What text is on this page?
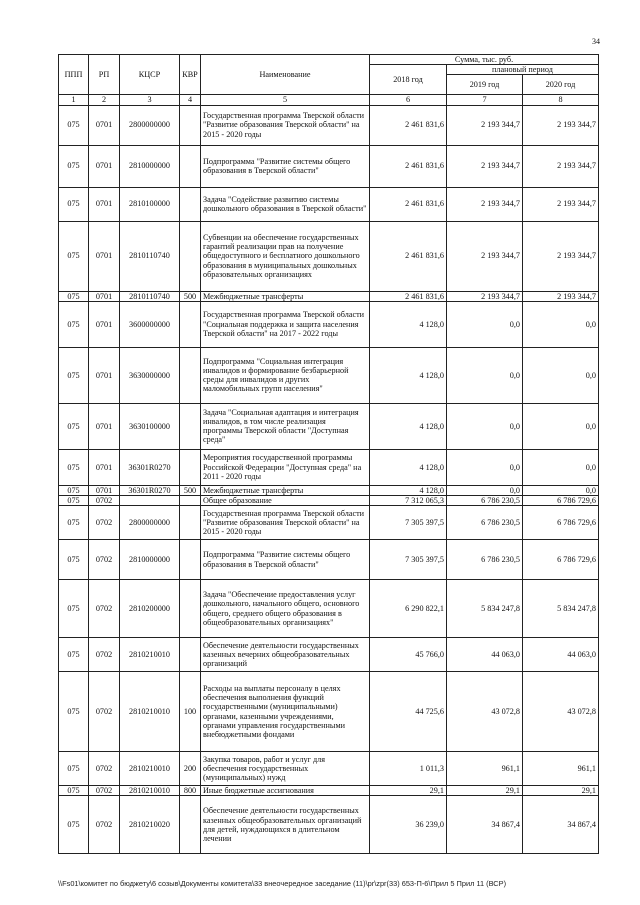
34
ППП	РП	КЦСР	КВР	Наименование	Сумма, тыс. руб.		
					2018 год	плановый период	
						2019 год	2020 год
1	2	3	4	5	6	7	8
075	0701	2800000000		Государственная программа Тверской области "Развитие образования Тверской области" на 2015 - 2020 годы	2 461 831,6	2 193 344,7	2 193 344,7
075	0701	2810000000		Подпрограмма "Развитие системы общего образования в Тверской области"	2 461 831,6	2 193 344,7	2 193 344,7
075	0701	2810100000		Задача "Содействие развитию системы дошкольного образования в Тверской области"	2 461 831,6	2 193 344,7	2 193 344,7
075	0701	2810110740		Субвенции на обеспечение государственных гарантий реализации прав на получение общедоступного и бесплатного дошкольного образования в муниципальных дошкольных образовательных организациях	2 461 831,6	2 193 344,7	2 193 344,7
075	0701	2810110740	500	Межбюджетные трансферты	2 461 831,6	2 193 344,7	2 193 344,7
075	0701	3600000000		Государственная программа Тверской области "Социальная поддержка и защита населения Тверской области" на 2017 - 2022 годы	4 128,0	0,0	0,0
075	0701	3630000000		Подпрограмма "Социальная интеграция инвалидов и формирование безбарьерной среды для инвалидов и других маломобильных групп населения"	4 128,0	0,0	0,0
075	0701	3630100000		Задача "Социальная адаптация и интеграция инвалидов, в том числе реализация программы Тверской области "Доступная среда"	4 128,0	0,0	0,0
075	0701	36301R0270		Мероприятия государственной программы Российской Федерации "Доступная среда" на 2011 - 2020 годы	4 128,0	0,0	0,0
075	0701	36301R0270	500	Межбюджетные трансферты	4 128,0	0,0	0,0
075	0702			Общее образование	7 312 065,3	6 786 230,5	6 786 729,6
075	0702	2800000000		Государственная программа Тверской области "Развитие образования Тверской области" на 2015 - 2020 годы	7 305 397,5	6 786 230,5	6 786 729,6
075	0702	2810000000		Подпрограмма "Развитие системы общего образования в Тверской области"	7 305 397,5	6 786 230,5	6 786 729,6
075	0702	2810200000		Задача "Обеспечение предоставления услуг дошкольного, начального общего, основного общего, среднего общего образования в общеобразовательных организациях"	6 290 822,1	5 834 247,8	5 834 247,8
075	0702	2810210010		Обеспечение деятельности государственных казенных вечерних общеобразовательных организаций	45 766,0	44 063,0	44 063,0
075	0702	2810210010	100	Расходы на выплаты персоналу в целях обеспечения выполнения функций государственными (муниципальными) органами, казенными учреждениями, органами управления государственными внебюджетными фондами	44 725,6	43 072,8	43 072,8
075	0702	2810210010	200	Закупка товаров, работ и услуг для обеспечения государственных (муниципальных) нужд	1 011,3	961,1	961,1
075	0702	2810210010	800	Иные бюджетные ассигнования	29,1	29,1	29,1
075	0702	2810210020		Обеспечение деятельности государственных казенных общеобразовательных организаций для детей, нуждающихся в длительном лечении	36 239,0	34 867,4	34 867,4
\\Fs01\комитет по бюджету\6 созыв\Документы комитета\33 внеочередное заседание (11)\pr\zpr(33) 653-П-6\Прил 5 Прил 11 (ВСР)
